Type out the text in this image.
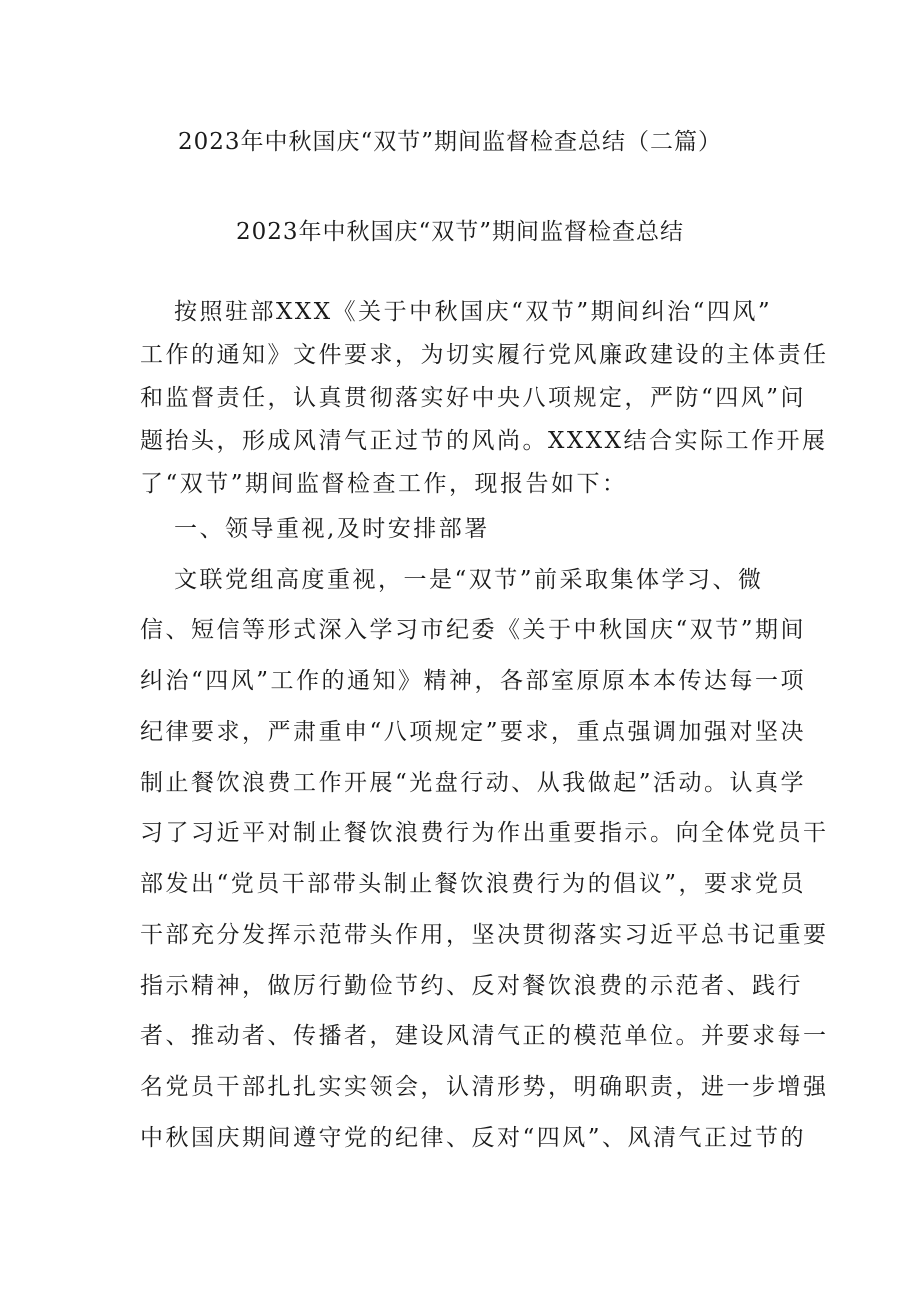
2023年中秋国庆“双节”期间监督检查总结（二篇）
2023年中秋国庆“双节”期间监督检查总结
按照驻部XXX《关于中秋国庆“双节”期间纠治“四风”
工作的通知》文件要求，为切实履行党风廉政建设的主体责任
和监督责任，认真贯彻落实好中央八项规定，严防“四风”问
题抬头，形成风清气正过节的风尚。XXXX结合实际工作开展
了“双节”期间监督检查工作，现报告如下：
一、领导重视,及时安排部署
文联党组高度重视，一是“双节”前采取集体学习、微
信、短信等形式深入学习市纪委《关于中秋国庆“双节”期间
纠治“四风”工作的通知》精神，各部室原原本本传达每一项
纪律要求，严肃重申“八项规定”要求，重点强调加强对坚决
制止餐饮浪费工作开展“光盘行动、从我做起”活动。认真学
习了习近平对制止餐饮浪费行为作出重要指示。向全体党员干
部发出“党员干部带头制止餐饮浪费行为的倡议”，要求党员
干部充分发挥示范带头作用，坚决贯彻落实习近平总书记重要
指示精神，做厉行勤俭节约、反对餐饮浪费的示范者、践行
者、推动者、传播者，建设风清气正的模范单位。并要求每一
名党员干部扎扎实实领会，认清形势，明确职责，进一步增强
中秋国庆期间遵守党的纪律、反对“四风”、风清气正过节的
